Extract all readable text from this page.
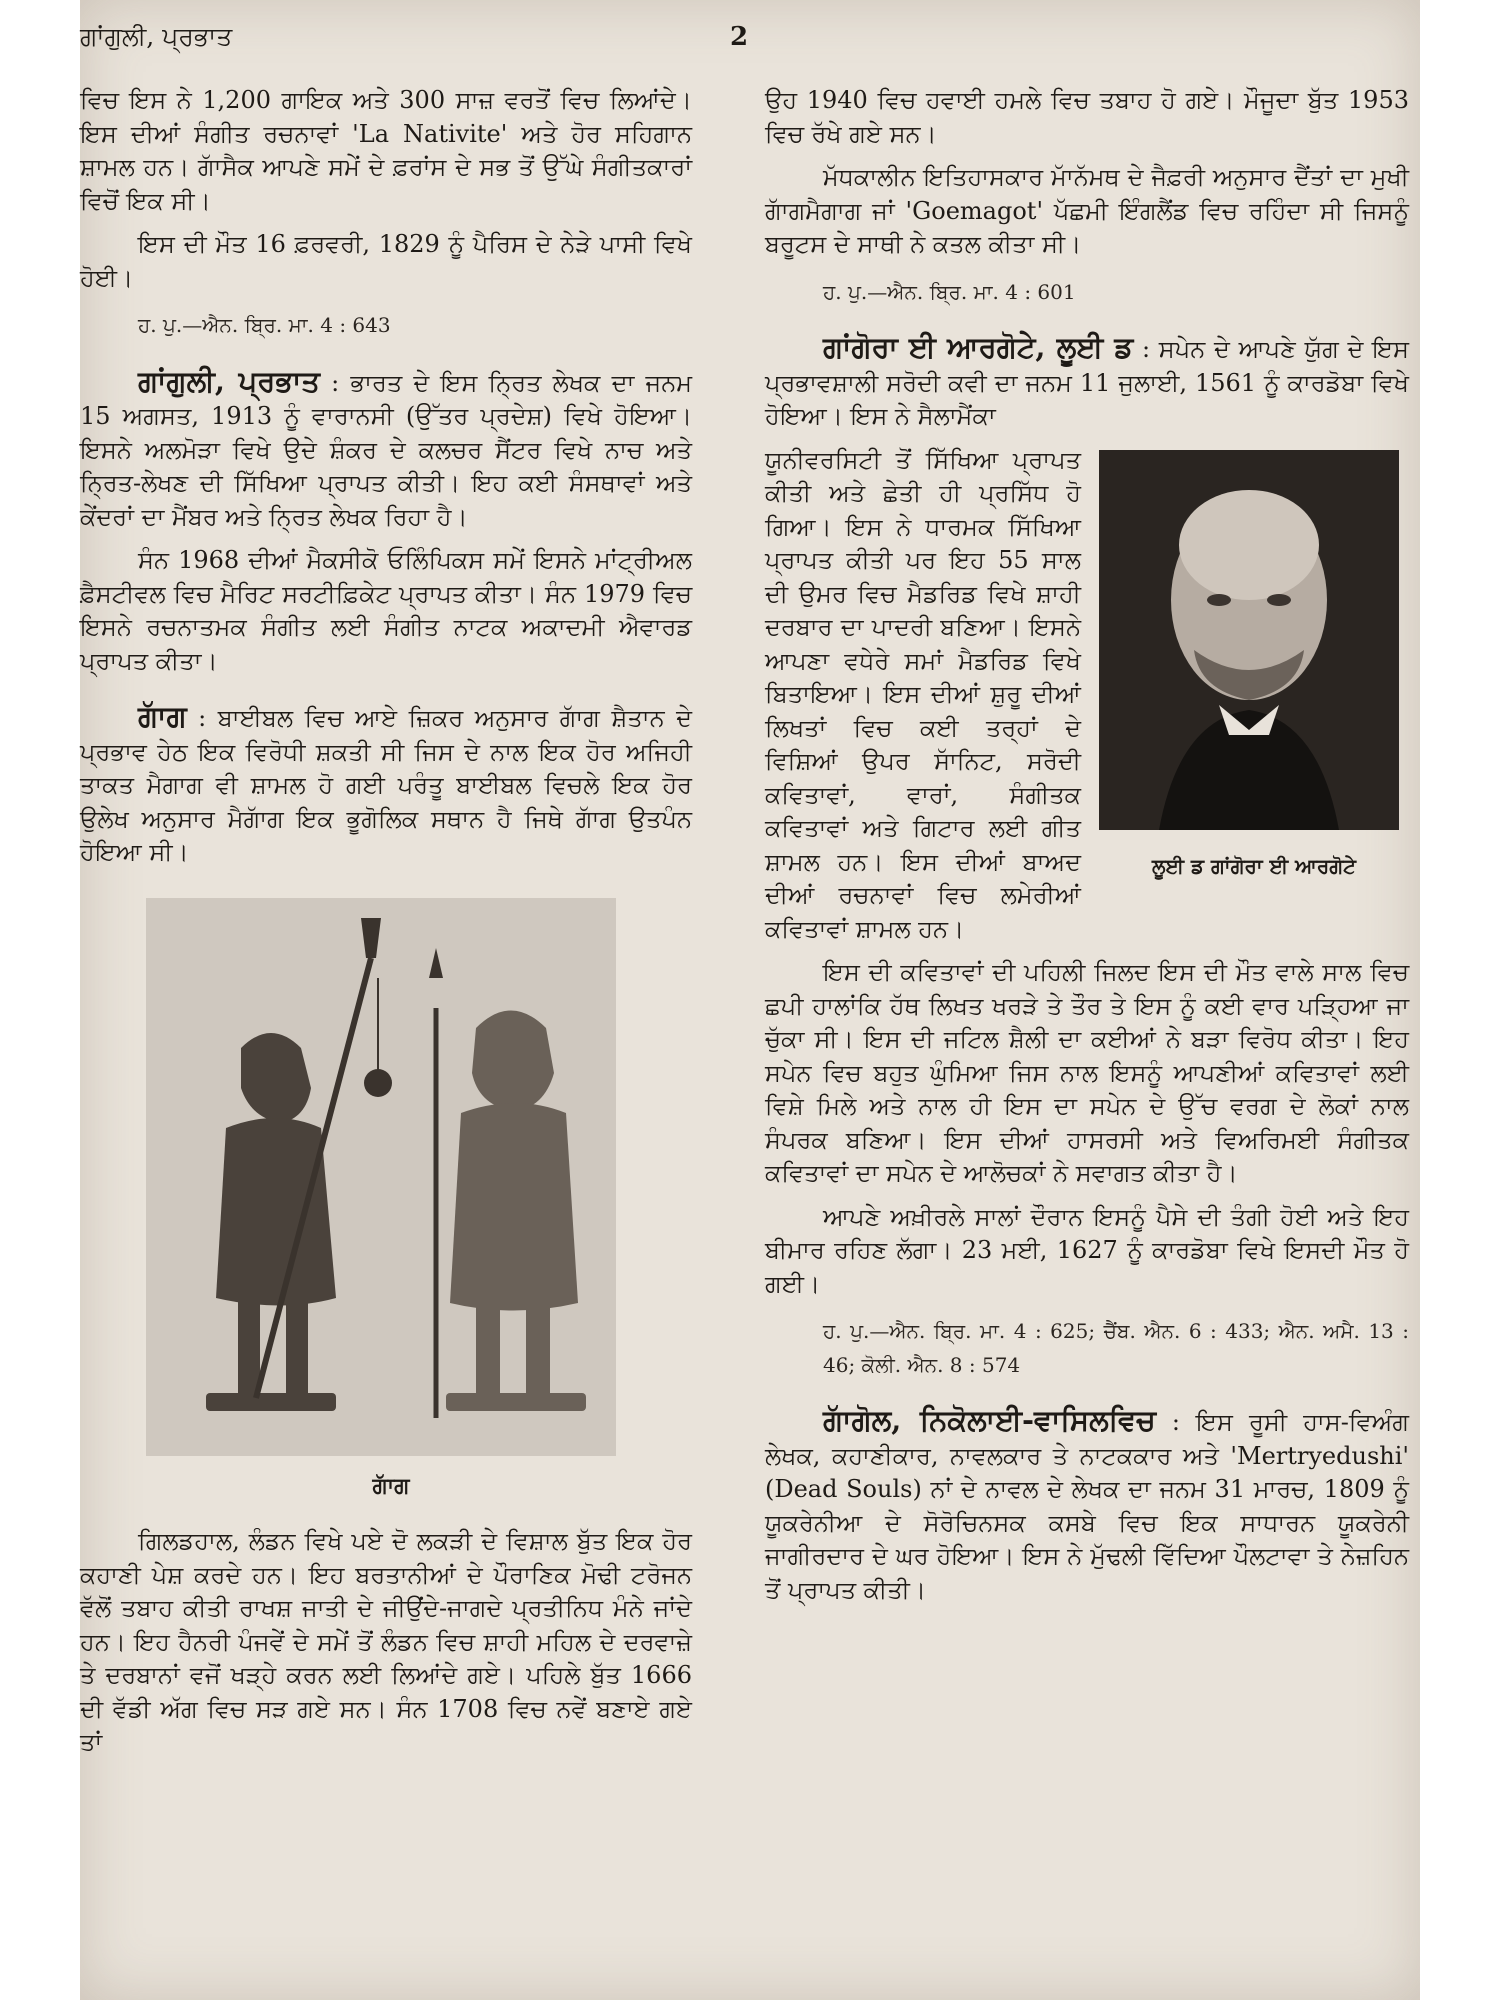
ਗਾਂਗੁਲੀ, ਪ੍ਰਭਾਤ	2

ਵਿਚ ਇਸ ਨੇ 1,200 ਗਾਇਕ ਅਤੇ 300 ਸਾਜ਼ ਵਰਤੋਂ ਵਿਚ ਲਿਆਂਦੇ। ਇਸ ਦੀਆਂ ਸੰਗੀਤ ਰਚਨਾਵਾਂ 'La Nativite' ਅਤੇ ਹੋਰ ਸਹਿਗਾਨ ਸ਼ਾਮਲ ਹਨ। ਗਾੱਸੈਕ ਆਪਣੇ ਸਮੇਂ ਦੇ ਫ਼ਰਾਂਸ ਦੇ ਸਭ ਤੋਂ ਉੱਘੇ ਸੰਗੀਤਕਾਰਾਂ ਵਿਚੋਂ ਇਕ ਸੀ।

ਇਸ ਦੀ ਮੌਤ 16 ਫ਼ਰਵਰੀ, 1829 ਨੂੰ ਪੈਰਿਸ ਦੇ ਨੇੜੇ ਪਾਸੀ ਵਿਖੇ ਹੋਈ।

ਹ. ਪੁ.—ਐਨ. ਬ੍ਰਿ. ਮਾ. 4 : 643

ਗਾਂਗੁਲੀ, ਪ੍ਰਭਾਤ : ਭਾਰਤ ਦੇ ਇਸ ਨ੍ਰਿਤ ਲੇਖਕ ਦਾ ਜਨਮ 15 ਅਗਸਤ, 1913 ਨੂੰ ਵਾਰਾਨਸੀ (ਉੱਤਰ ਪ੍ਰਦੇਸ਼) ਵਿਖੇ ਹੋਇਆ। ਇਸਨੇ ਅਲਮੋੜਾ ਵਿਖੇ ਉਦੇ ਸ਼ੰਕਰ ਦੇ ਕਲਚਰ ਸੈਂਟਰ ਵਿਖੇ ਨਾਚ ਅਤੇ ਨ੍ਰਿਤ-ਲੇਖਣ ਦੀ ਸਿੱਖਿਆ ਪ੍ਰਾਪਤ ਕੀਤੀ। ਇਹ ਕਈ ਸੰਸਥਾਵਾਂ ਅਤੇ ਕੇਂਦਰਾਂ ਦਾ ਮੈਂਬਰ ਅਤੇ ਨ੍ਰਿਤ ਲੇਖਕ ਰਿਹਾ ਹੈ।

ਸੰਨ 1968 ਦੀਆਂ ਮੈਕਸੀਕੋ ਓਲਿੰਪਿਕਸ ਸਮੇਂ ਇਸਨੇ ਮਾਂਟ੍ਰੀਅਲ ਫ਼ੈਸਟੀਵਲ ਵਿਚ ਮੈਰਿਟ ਸਰਟੀਫ਼ਿਕੇਟ ਪ੍ਰਾਪਤ ਕੀਤਾ। ਸੰਨ 1979 ਵਿਚ ਇਸਨੇ ਰਚਨਾਤਮਕ ਸੰਗੀਤ ਲਈ ਸੰਗੀਤ ਨਾਟਕ ਅਕਾਦਮੀ ਐਵਾਰਡ ਪ੍ਰਾਪਤ ਕੀਤਾ।

ਗਾੱਗ : ਬਾਈਬਲ ਵਿਚ ਆਏ ਜ਼ਿਕਰ ਅਨੁਸਾਰ ਗਾੱਗ ਸ਼ੈਤਾਨ ਦੇ ਪ੍ਰਭਾਵ ਹੇਠ ਇਕ ਵਿਰੋਧੀ ਸ਼ਕਤੀ ਸੀ ਜਿਸ ਦੇ ਨਾਲ ਇਕ ਹੋਰ ਅਜਿਹੀ ਤਾਕਤ ਮੈਗਾਗ ਵੀ ਸ਼ਾਮਲ ਹੋ ਗਈ ਪਰੰਤੂ ਬਾਈਬਲ ਵਿਚਲੇ ਇਕ ਹੋਰ ਉਲੇਖ ਅਨੁਸਾਰ ਮੈਗਾੱਗ ਇਕ ਭੂਗੋਲਿਕ ਸਥਾਨ ਹੈ ਜਿਥੇ ਗਾੱਗ ਉਤਪੰਨ ਹੋਇਆ ਸੀ।

ਗਾੱਗ

ਗਿਲਡਹਾਲ, ਲੰਡਨ ਵਿਖੇ ਪਏ ਦੋ ਲਕੜੀ ਦੇ ਵਿਸ਼ਾਲ ਬੁੱਤ ਇਕ ਹੋਰ ਕਹਾਣੀ ਪੇਸ਼ ਕਰਦੇ ਹਨ। ਇਹ ਬਰਤਾਨੀਆਂ ਦੇ ਪੌਰਾਣਿਕ ਮੋਢੀ ਟਰੋਜਨ ਵੱਲੋਂ ਤਬਾਹ ਕੀਤੀ ਰਾਖਸ਼ ਜਾਤੀ ਦੇ ਜੀਉਂਦੇ-ਜਾਗਦੇ ਪ੍ਰਤੀਨਿਧ ਮੰਨੇ ਜਾਂਦੇ ਹਨ। ਇਹ ਹੈਨਰੀ ਪੰਜਵੇਂ ਦੇ ਸਮੇਂ ਤੋਂ ਲੰਡਨ ਵਿਚ ਸ਼ਾਹੀ ਮਹਿਲ ਦੇ ਦਰਵਾਜ਼ੇ ਤੇ ਦਰਬਾਨਾਂ ਵਜੋਂ ਖੜ੍ਹੇ ਕਰਨ ਲਈ ਲਿਆਂਦੇ ਗਏ। ਪਹਿਲੇ ਬੁੱਤ 1666 ਦੀ ਵੱਡੀ ਅੱਗ ਵਿਚ ਸੜ ਗਏ ਸਨ। ਸੰਨ 1708 ਵਿਚ ਨਵੇਂ ਬਣਾਏ ਗਏ ਤਾਂ

ਉਹ 1940 ਵਿਚ ਹਵਾਈ ਹਮਲੇ ਵਿਚ ਤਬਾਹ ਹੋ ਗਏ। ਮੌਜੂਦਾ ਬੁੱਤ 1953 ਵਿਚ ਰੱਖੇ ਗਏ ਸਨ।

ਮੱਧਕਾਲੀਨ ਇਤਿਹਾਸਕਾਰ ਮਾੱਨੱਮਥ ਦੇ ਜੈਫ਼ਰੀ ਅਨੁਸਾਰ ਦੈਂਤਾਂ ਦਾ ਮੁਖੀ ਗਾੱਗਮੈਗਾਗ ਜਾਂ 'Goemagot' ਪੱਛਮੀ ਇੰਗਲੈਂਡ ਵਿਚ ਰਹਿੰਦਾ ਸੀ ਜਿਸਨੂੰ ਬਰੂਟਸ ਦੇ ਸਾਥੀ ਨੇ ਕਤਲ ਕੀਤਾ ਸੀ।

ਹ. ਪੁ.—ਐਨ. ਬ੍ਰਿ. ਮਾ. 4 : 601

ਗਾਂਗੋਰਾ ਈ ਆਰਗੋਟੇ, ਲੂਈ ਡ : ਸਪੇਨ ਦੇ ਆਪਣੇ ਯੁੱਗ ਦੇ ਇਸ ਪ੍ਰਭਾਵਸ਼ਾਲੀ ਸਰੋਦੀ ਕਵੀ ਦਾ ਜਨਮ 11 ਜੁਲਾਈ, 1561 ਨੂੰ ਕਾਰਡੋਬਾ ਵਿਖੇ ਹੋਇਆ। ਇਸ ਨੇ ਸੈਲਾਮੈਂਕਾ

ਲੂਈ ਡ ਗਾਂਗੋਰਾ ਈ ਆਰਗੋਟੇ

ਯੂਨੀਵਰਸਿਟੀ ਤੋਂ ਸਿੱਖਿਆ ਪ੍ਰਾਪਤ ਕੀਤੀ ਅਤੇ ਛੇਤੀ ਹੀ ਪ੍ਰਸਿੱਧ ਹੋ ਗਿਆ। ਇਸ ਨੇ ਧਾਰਮਕ ਸਿੱਖਿਆ ਪ੍ਰਾਪਤ ਕੀਤੀ ਪਰ ਇਹ 55 ਸਾਲ ਦੀ ਉਮਰ ਵਿਚ ਮੈਡਰਿਡ ਵਿਖੇ ਸ਼ਾਹੀ ਦਰਬਾਰ ਦਾ ਪਾਦਰੀ ਬਣਿਆ। ਇਸਨੇ ਆਪਣਾ ਵਧੇਰੇ ਸਮਾਂ ਮੈਡਰਿਡ ਵਿਖੇ ਬਿਤਾਇਆ। ਇਸ ਦੀਆਂ ਸ਼ੁਰੂ ਦੀਆਂ ਲਿਖਤਾਂ ਵਿਚ ਕਈ ਤਰ੍ਹਾਂ ਦੇ ਵਿਸ਼ਿਆਂ ਉਪਰ ਸਾੱਨਿਟ, ਸਰੋਦੀ ਕਵਿਤਾਵਾਂ, ਵਾਰਾਂ, ਸੰਗੀਤਕ ਕਵਿਤਾਵਾਂ ਅਤੇ ਗਿਟਾਰ ਲਈ ਗੀਤ ਸ਼ਾਮਲ ਹਨ। ਇਸ ਦੀਆਂ ਬਾਅਦ ਦੀਆਂ ਰਚਨਾਵਾਂ ਵਿਚ ਲਮੇਰੀਆਂ ਕਵਿਤਾਵਾਂ ਸ਼ਾਮਲ ਹਨ।

ਇਸ ਦੀ ਕਵਿਤਾਵਾਂ ਦੀ ਪਹਿਲੀ ਜਿਲਦ ਇਸ ਦੀ ਮੌਤ ਵਾਲੇ ਸਾਲ ਵਿਚ ਛਪੀ ਹਾਲਾਂਕਿ ਹੱਥ ਲਿਖਤ ਖਰੜੇ ਤੇ ਤੌਰ ਤੇ ਇਸ ਨੂੰ ਕਈ ਵਾਰ ਪੜ੍ਹਿਆ ਜਾ ਚੁੱਕਾ ਸੀ। ਇਸ ਦੀ ਜਟਿਲ ਸ਼ੈਲੀ ਦਾ ਕਈਆਂ ਨੇ ਬੜਾ ਵਿਰੋਧ ਕੀਤਾ। ਇਹ ਸਪੇਨ ਵਿਚ ਬਹੁਤ ਘੁੰਮਿਆ ਜਿਸ ਨਾਲ ਇਸਨੂੰ ਆਪਣੀਆਂ ਕਵਿਤਾਵਾਂ ਲਈ ਵਿਸ਼ੇ ਮਿਲੇ ਅਤੇ ਨਾਲ ਹੀ ਇਸ ਦਾ ਸਪੇਨ ਦੇ ਉੱਚ ਵਰਗ ਦੇ ਲੋਕਾਂ ਨਾਲ ਸੰਪਰਕ ਬਣਿਆ। ਇਸ ਦੀਆਂ ਹਾਸਰਸੀ ਅਤੇ ਵਿਅਰਿਮਈ ਸੰਗੀਤਕ ਕਵਿਤਾਵਾਂ ਦਾ ਸਪੇਨ ਦੇ ਆਲੋਚਕਾਂ ਨੇ ਸਵਾਗਤ ਕੀਤਾ ਹੈ।

ਆਪਣੇ ਅਖ਼ੀਰਲੇ ਸਾਲਾਂ ਦੌਰਾਨ ਇਸਨੂੰ ਪੈਸੇ ਦੀ ਤੰਗੀ ਹੋਈ ਅਤੇ ਇਹ ਬੀਮਾਰ ਰਹਿਣ ਲੱਗਾ। 23 ਮਈ, 1627 ਨੂੰ ਕਾਰਡੋਬਾ ਵਿਖੇ ਇਸਦੀ ਮੌਤ ਹੋ ਗਈ।

ਹ. ਪੁ.—ਐਨ. ਬ੍ਰਿ. ਮਾ. 4 : 625; ਚੈਂਬ. ਐਨ. 6 : 433; ਐਨ. ਅਮੈ. 13 : 46; ਕੋਲੀ. ਐਨ. 8 : 574

ਗਾੱਗੋਲ, ਨਿਕੋਲਾਈ-ਵਾਸਿਲਵਿਚ : ਇਸ ਰੂਸੀ ਹਾਸ-ਵਿਅੰਗ ਲੇਖਕ, ਕਹਾਣੀਕਾਰ, ਨਾਵਲਕਾਰ ਤੇ ਨਾਟਕਕਾਰ ਅਤੇ 'Mertryedushi' (Dead Souls) ਨਾਂ ਦੇ ਨਾਵਲ ਦੇ ਲੇਖਕ ਦਾ ਜਨਮ 31 ਮਾਰਚ, 1809 ਨੂੰ ਯੂਕਰੇਨੀਆ ਦੇ ਸੋਰੋਚਿਨਸਕ ਕਸਬੇ ਵਿਚ ਇਕ ਸਾਧਾਰਨ ਯੂਕਰੇਨੀ ਜਾਗੀਰਦਾਰ ਦੇ ਘਰ ਹੋਇਆ। ਇਸ ਨੇ ਮੁੱਢਲੀ ਵਿੱਦਿਆ ਪੌਲਟਾਵਾ ਤੇ ਨੇਜ਼ਹਿਨ ਤੋਂ ਪ੍ਰਾਪਤ ਕੀਤੀ।
